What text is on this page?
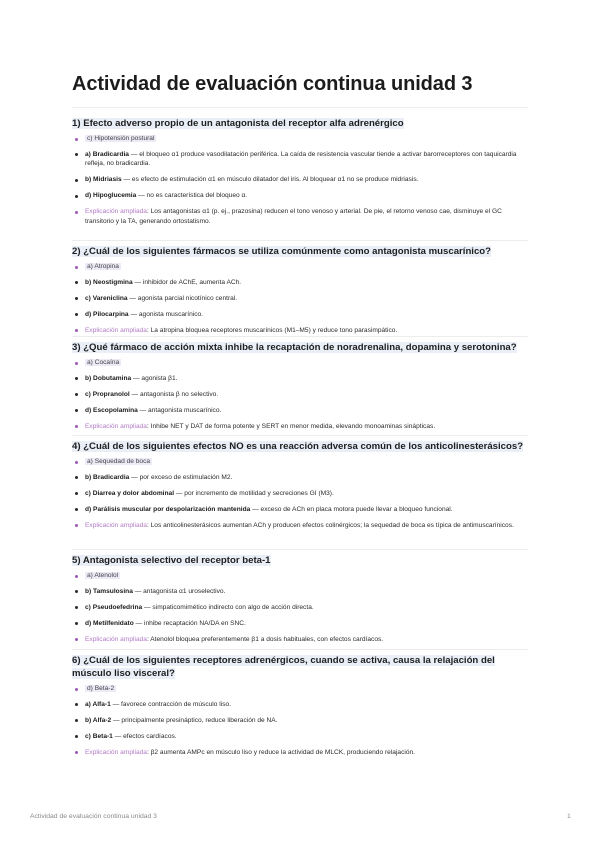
Actividad de evaluación continua unidad 3
1) Efecto adverso propio de un antagonista del receptor alfa adrenérgico
c) Hipotensión postural
a) Bradicardia — el bloqueo α1 produce vasodilatación periférica. La caída de resistencia vascular tiende a activar barorreceptores con taquicardia refleja, no bradicardia.
b) Midriasis — es efecto de estimulación α1 en músculo dilatador del iris. Al bloquear α1 no se produce midriasis.
d) Hipoglucemia — no es característica del bloqueo α.
Explicación ampliada: Los antagonistas α1 (p. ej., prazosina) reducen el tono venoso y arterial. De pie, el retorno venoso cae, disminuye el GC transitorio y la TA, generando ortostatismo.
2) ¿Cuál de los siguientes fármacos se utiliza comúnmente como antagonista muscarínico?
a) Atropina
b) Neostigmina — inhibidor de AChE, aumenta ACh.
c) Vareniclina — agonista parcial nicotínico central.
d) Pilocarpina — agonista muscarínico.
Explicación ampliada: La atropina bloquea receptores muscarínicos (M1–M5) y reduce tono parasimpático.
3) ¿Qué fármaco de acción mixta inhibe la recaptación de noradrenalina, dopamina y serotonina?
a) Cocaína
b) Dobutamina — agonista β1.
c) Propranolol — antagonista β no selectivo.
d) Escopolamina — antagonista muscarínico.
Explicación ampliada: Inhibe NET y DAT de forma potente y SERT en menor medida, elevando monoaminas sinápticas.
4) ¿Cuál de los siguientes efectos NO es una reacción adversa común de los anticolinesterásicos?
a) Sequedad de boca
b) Bradicardia — por exceso de estimulación M2.
c) Diarrea y dolor abdominal — por incremento de motilidad y secreciones GI (M3).
d) Parálisis muscular por despolarización mantenida — exceso de ACh en placa motora puede llevar a bloqueo funcional.
Explicación ampliada: Los anticolinesterásicos aumentan ACh y producen efectos colinérgicos; la sequedad de boca es típica de antimuscarínicos.
5) Antagonista selectivo del receptor beta-1
a) Atenolol
b) Tamsulosina — antagonista α1 uroselectivo.
c) Pseudoefedrina — simpaticomimético indirecto con algo de acción directa.
d) Metilfenidato — inhibe recaptación NA/DA en SNC.
Explicación ampliada: Atenolol bloquea preferentemente β1 a dosis habituales, con efectos cardíacos.
6) ¿Cuál de los siguientes receptores adrenérgicos, cuando se activa, causa la relajación del músculo liso visceral?
d) Beta-2
a) Alfa-1 — favorece contracción de músculo liso.
b) Alfa-2 — principalmente presináptico, reduce liberación de NA.
c) Beta-1 — efectos cardíacos.
Explicación ampliada: β2 aumenta AMPc en músculo liso y reduce la actividad de MLCK, produciendo relajación.
Actividad de evaluación continua unidad 3	1
